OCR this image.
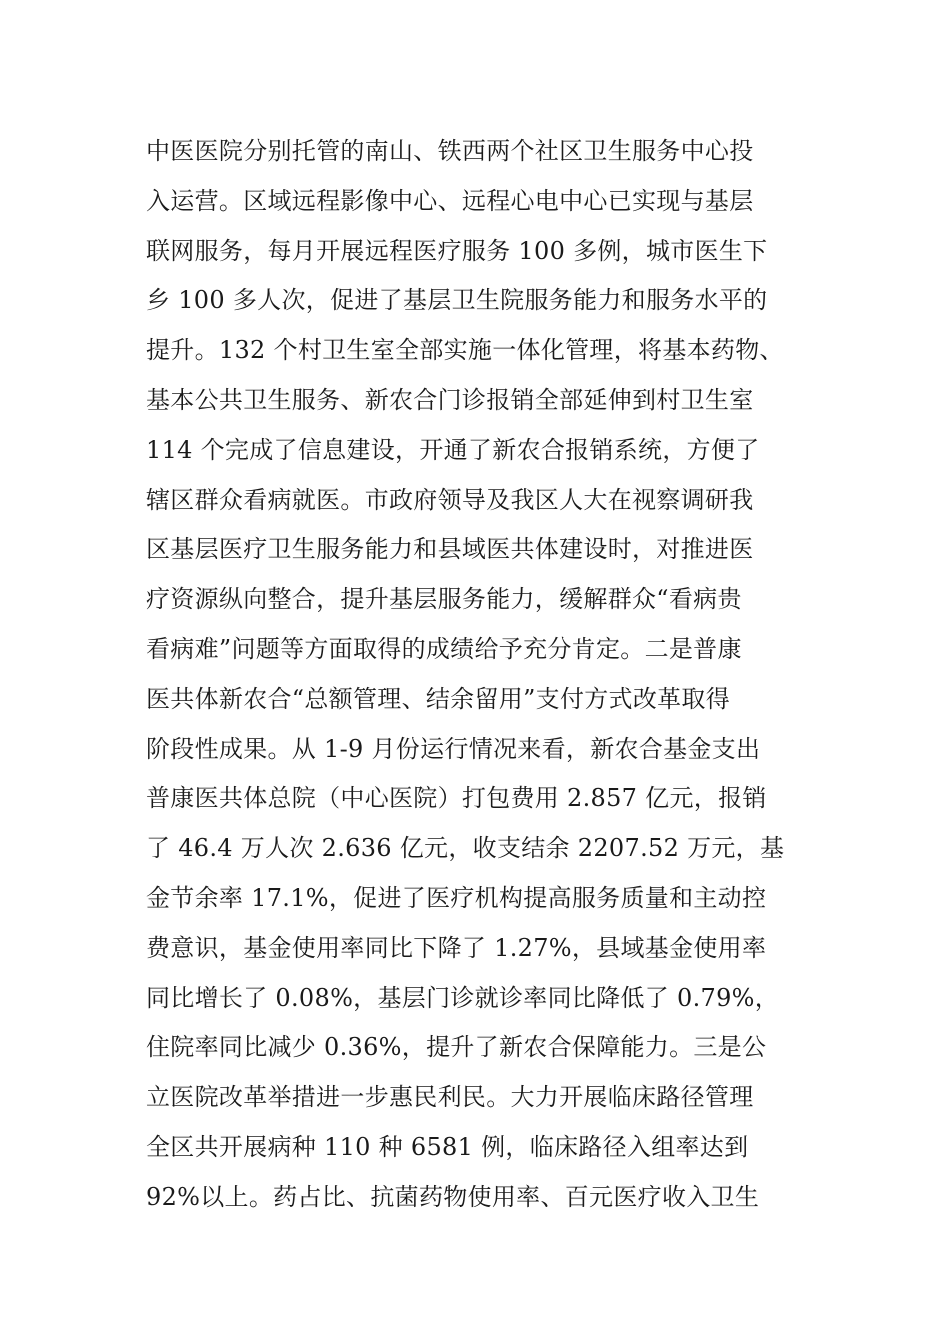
中医医院分别托管的南山、铁西两个社区卫生服务中心投
入运营。区域远程影像中心、远程心电中心已实现与基层
联网服务，每月开展远程医疗服务 100 多例，城市医生下
乡 100 多人次，促进了基层卫生院服务能力和服务水平的
提升。132 个村卫生室全部实施一体化管理，将基本药物、
基本公共卫生服务、新农合门诊报销全部延伸到村卫生室
114 个完成了信息建设，开通了新农合报销系统，方便了
辖区群众看病就医。市政府领导及我区人大在视察调研我
区基层医疗卫生服务能力和县域医共体建设时，对推进医
疗资源纵向整合，提升基层服务能力，缓解群众“看病贵
看病难”问题等方面取得的成绩给予充分肯定。二是普康
医共体新农合“总额管理、结余留用”支付方式改革取得
阶段性成果。从 1-9 月份运行情况来看，新农合基金支出
普康医共体总院（中心医院）打包费用 2.857 亿元，报销
了 46.4 万人次 2.636 亿元，收支结余 2207.52 万元，基
金节余率 17.1%，促进了医疗机构提高服务质量和主动控
费意识，基金使用率同比下降了 1.27%，县域基金使用率
同比增长了 0.08%，基层门诊就诊率同比降低了 0.79%，
住院率同比减少 0.36%，提升了新农合保障能力。三是公
立医院改革举措进一步惠民利民。大力开展临床路径管理
全区共开展病种 110 种 6581 例，临床路径入组率达到
92%以上。药占比、抗菌药物使用率、百元医疗收入卫生
